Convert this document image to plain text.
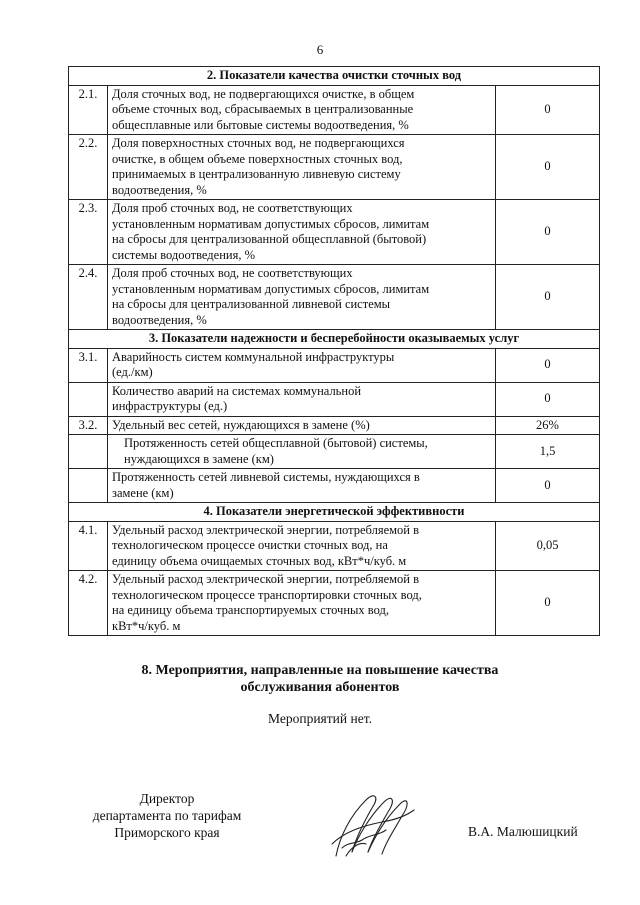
6
2. Показатели качества очистки сточных вод		
2.1.	Доля сточных вод, не подвергающихся очистке, в общем
объеме сточных вод, сбрасываемых в централизованные
общесплавные или бытовые системы водоотведения, %	0
2.2.	Доля поверхностных сточных вод, не подвергающихся
очистке, в общем объеме поверхностных сточных вод,
принимаемых в централизованную ливневую систему
водоотведения, %	0
2.3.	Доля проб сточных вод, не соответствующих
установленным нормативам допустимых сбросов, лимитам
на сбросы для централизованной общесплавной (бытовой)
системы водоотведения, %	0
2.4.	Доля проб сточных вод, не соответствующих
установленным нормативам допустимых сбросов, лимитам
на сбросы для централизованной ливневой системы
водоотведения, %	0
3. Показатели надежности и бесперебойности оказываемых услуг		
3.1.	Аварийность систем коммунальной инфраструктуры
(ед./км)	0

	Количество аварий на системах коммунальной
инфраструктуры (ед.)	0
3.2.	Удельный вес сетей, нуждающихся в замене (%)	26%

	Протяженность сетей общесплавной (бытовой) системы,
нуждающихся в замене (км)	1,5

	Протяженность сетей ливневой системы, нуждающихся в
замене (км)	0
4. Показатели энергетической эффективности		
4.1.	Удельный расход электрической энергии, потребляемой в
технологическом процессе очистки сточных вод, на
единицу объема очищаемых сточных вод, кВт*ч/куб. м	0,05
4.2.	Удельный расход электрической энергии, потребляемой в
технологическом процессе транспортировки сточных вод,
на единицу объема транспортируемых сточных вод,
кВт*ч/куб. м	0
8. Мероприятия, направленные на повышение качества
обслуживания абонентов
Мероприятий нет.
Директор
департамента по тарифам
Приморского края	В.А. Малюшицкий
